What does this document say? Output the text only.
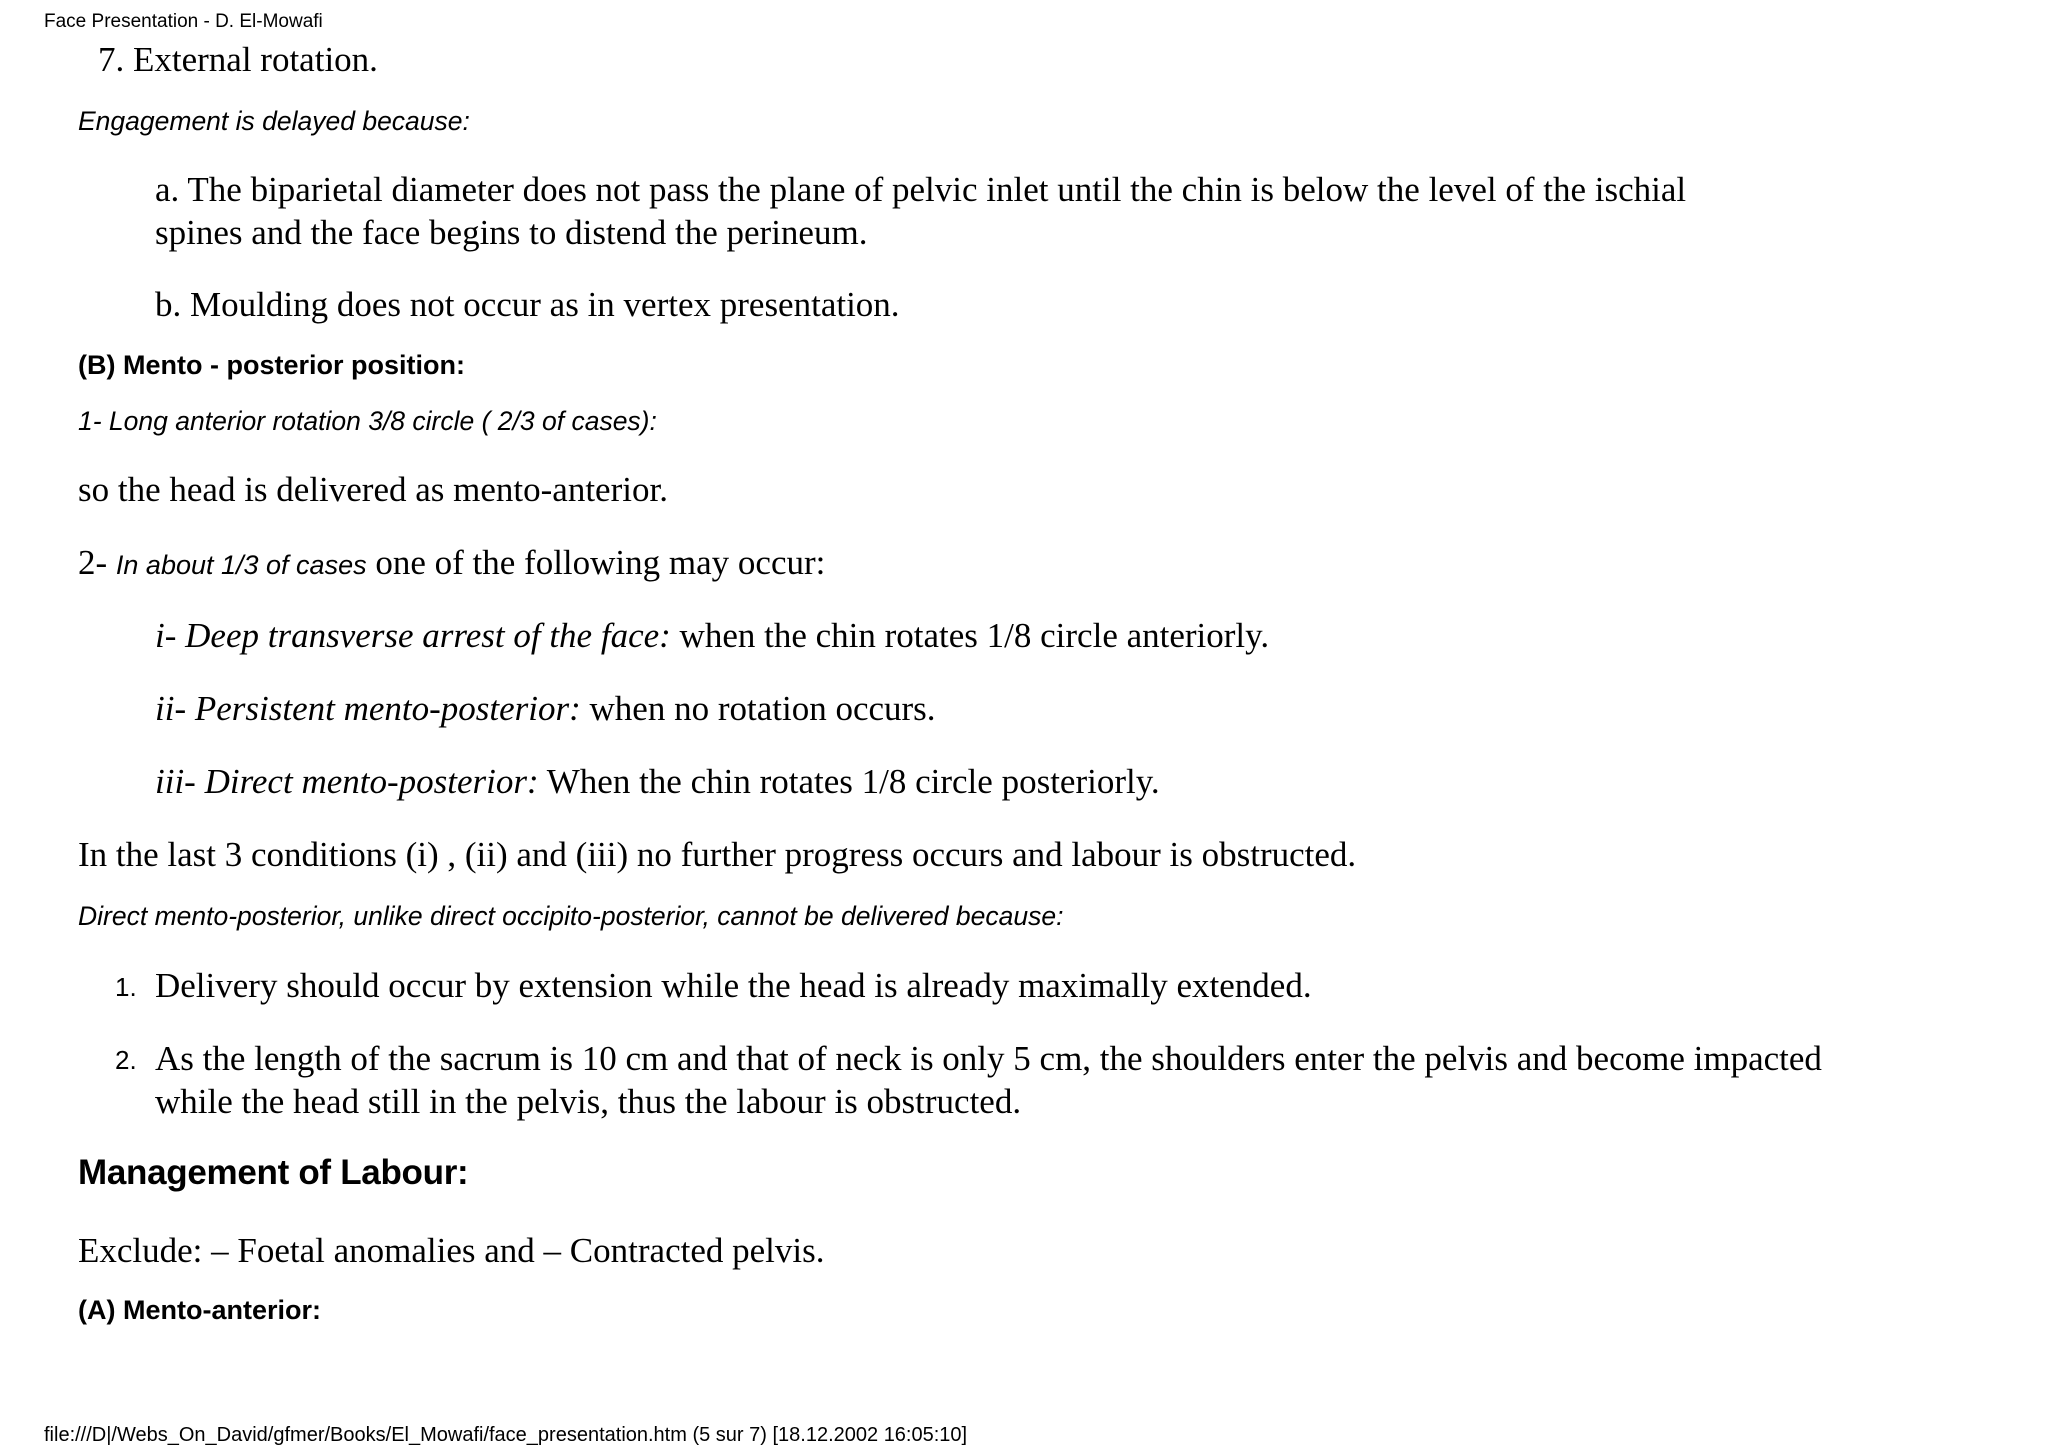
Face Presentation - D. El-Mowafi
7. External rotation.
Engagement is delayed because:
a. The biparietal diameter does not pass the plane of pelvic inlet until the chin is below the level of the ischial
spines and the face begins to distend the perineum.
b. Moulding does not occur as in vertex presentation.
(B) Mento - posterior position:
1- Long anterior rotation 3/8 circle ( 2/3 of cases):
so the head is delivered as mento-anterior.
2- In about 1/3 of cases one of the following may occur:
i- Deep transverse arrest of the face: when the chin rotates 1/8 circle anteriorly.
ii- Persistent mento-posterior: when no rotation occurs.
iii- Direct mento-posterior: When the chin rotates 1/8 circle posteriorly.
In the last 3 conditions (i) , (ii) and (iii) no further progress occurs and labour is obstructed.
Direct mento-posterior, unlike direct occipito-posterior, cannot be delivered because:
1. Delivery should occur by extension while the head is already maximally extended.
2. As the length of the sacrum is 10 cm and that of neck is only 5 cm, the shoulders enter the pelvis and become impacted
while the head still in the pelvis, thus the labour is obstructed.
Management of Labour:
Exclude: – Foetal anomalies and – Contracted pelvis.
(A) Mento-anterior:
file:///D|/Webs_On_David/gfmer/Books/El_Mowafi/face_presentation.htm (5 sur 7) [18.12.2002 16:05:10]
